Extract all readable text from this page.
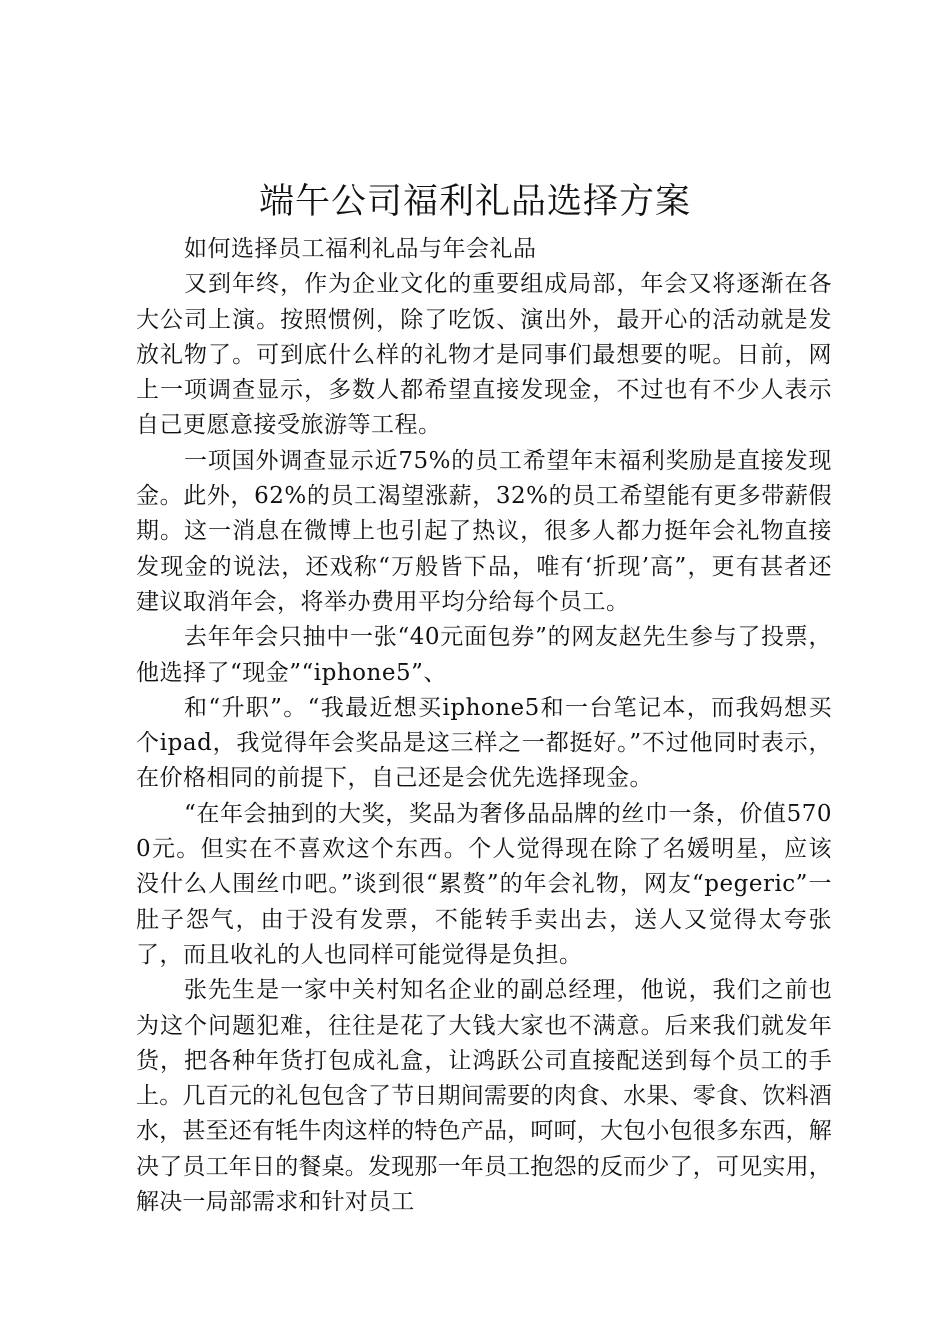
端午公司福利礼品选择方案

如何选择员工福利礼品与年会礼品

又到年终，作为企业文化的重要组成局部，年会又将逐渐在各大公司上演。按照惯例，除了吃饭、演出外，最开心的活动就是发放礼物了。可到底什么样的礼物才是同事们最想要的呢。日前，网上一项调查显示，多数人都希望直接发现金，不过也有不少人表示自己更愿意接受旅游等工程。

一项国外调查显示近75%的员工希望年末福利奖励是直接发现金。此外，62%的员工渴望涨薪，32%的员工希望能有更多带薪假期。这一消息在微博上也引起了热议，很多人都力挺年会礼物直接发现金的说法，还戏称“万般皆下品，唯有‘折现’高”，更有甚者还建议取消年会，将举办费用平均分给每个员工。

去年年会只抽中一张“40元面包券”的网友赵先生参与了投票，他选择了“现金”“iphone5”、

和“升职”。“我最近想买iphone5和一台笔记本，而我妈想买个ipad，我觉得年会奖品是这三样之一都挺好。”不过他同时表示，在价格相同的前提下，自己还是会优先选择现金。

“在年会抽到的大奖，奖品为奢侈品品牌的丝巾一条，价值5700元。但实在不喜欢这个东西。个人觉得现在除了名媛明星，应该没什么人围丝巾吧。”谈到很“累赘”的年会礼物，网友“pegeric”一肚子怨气，由于没有发票，不能转手卖出去，送人又觉得太夸张了，而且收礼的人也同样可能觉得是负担。

张先生是一家中关村知名企业的副总经理，他说，我们之前也为这个问题犯难，往往是花了大钱大家也不满意。后来我们就发年货，把各种年货打包成礼盒，让鸿跃公司直接配送到每个员工的手上。几百元的礼包包含了节日期间需要的肉食、水果、零食、饮料酒水，甚至还有牦牛肉这样的特色产品，呵呵，大包小包很多东西，解决了员工年日的餐桌。发现那一年员工抱怨的反而少了，可见实用，解决一局部需求和针对员工
